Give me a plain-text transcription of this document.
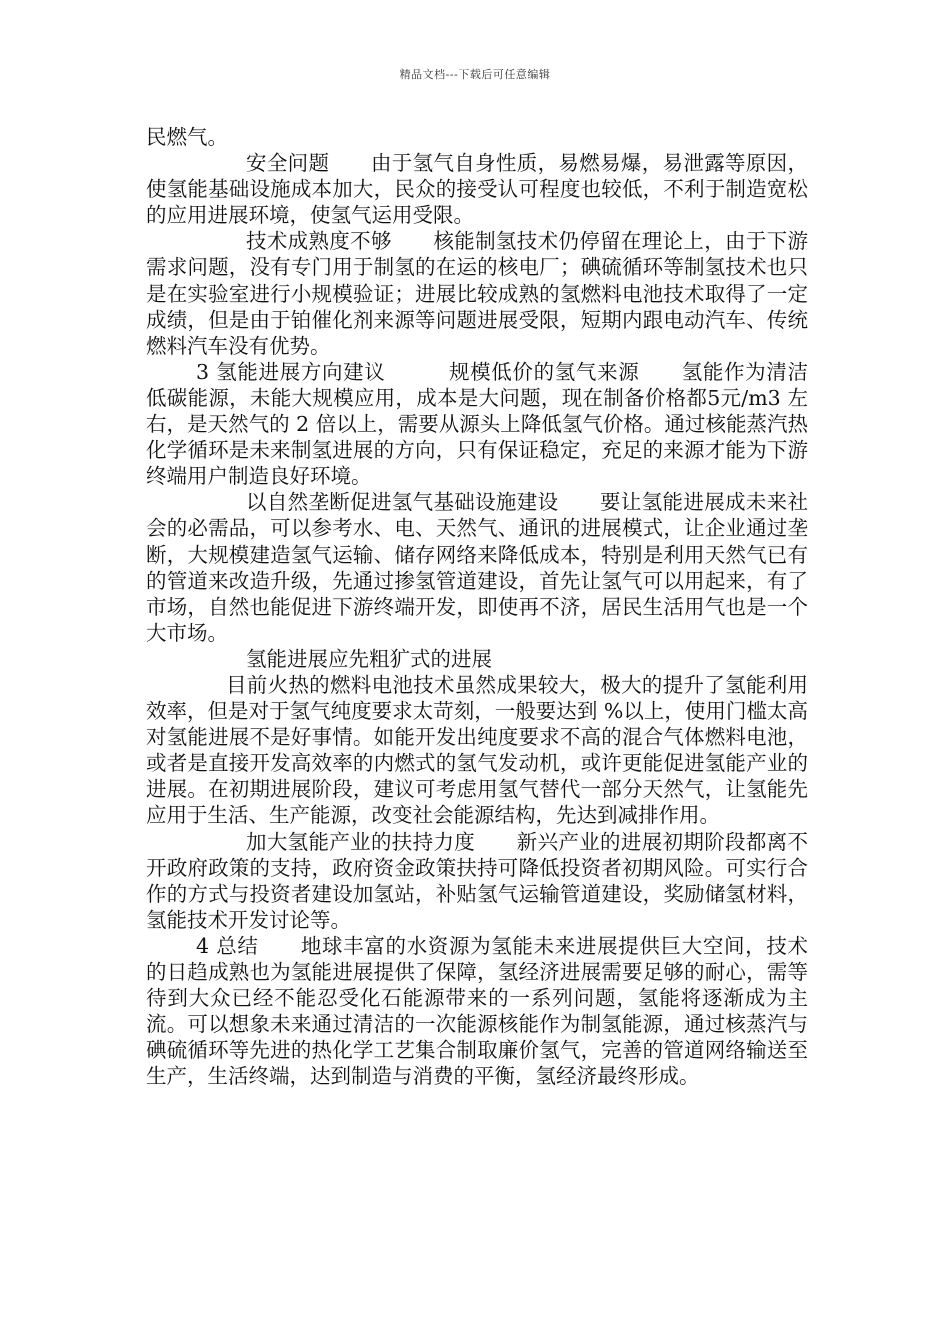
精品文档---下载后可任意编辑

民燃气。

安全问题　　由于氢气自身性质，易燃易爆，易泄露等原因，使氢能基础设施成本加大，民众的接受认可程度也较低，不利于制造宽松的应用进展环境，使氢气运用受限。

技术成熟度不够　　核能制氢技术仍停留在理论上，由于下游需求问题，没有专门用于制氢的在运的核电厂；碘硫循环等制氢技术也只是在实验室进行小规模验证；进展比较成熟的氢燃料电池技术取得了一定成绩，但是由于铂催化剂来源等问题进展受限，短期内跟电动汽车、传统燃料汽车没有优势。

3 氢能进展方向建议　　　规模低价的氢气来源　　氢能作为清洁低碳能源，未能大规模应用，成本是大问题，现在制备价格都5元/m3 左右，是天然气的 2 倍以上，需要从源头上降低氢气价格。通过核能蒸汽热化学循环是未来制氢进展的方向，只有保证稳定，充足的来源才能为下游终端用户制造良好环境。

以自然垄断促进氢气基础设施建设　　要让氢能进展成未来社会的必需品，可以参考水、电、天然气、通讯的进展模式，让企业通过垄断，大规模建造氢气运输、储存网络来降低成本，特别是利用天然气已有的管道来改造升级，先通过掺氢管道建设，首先让氢气可以用起来，有了市场，自然也能促进下游终端开发，即使再不济，居民生活用气也是一个大市场。

氢能进展应先粗犷式的进展

目前火热的燃料电池技术虽然成果较大，极大的提升了氢能利用效率，但是对于氢气纯度要求太苛刻，一般要达到 %以上，使用门槛太高对氢能进展不是好事情。如能开发出纯度要求不高的混合气体燃料电池，或者是直接开发高效率的内燃式的氢气发动机，或许更能促进氢能产业的进展。在初期进展阶段，建议可考虑用氢气替代一部分天然气，让氢能先应用于生活、生产能源，改变社会能源结构，先达到减排作用。

加大氢能产业的扶持力度　　新兴产业的进展初期阶段都离不开政府政策的支持，政府资金政策扶持可降低投资者初期风险。可实行合作的方式与投资者建设加氢站，补贴氢气运输管道建设，奖励储氢材料，氢能技术开发讨论等。

4 总结　　地球丰富的水资源为氢能未来进展提供巨大空间，技术的日趋成熟也为氢能进展提供了保障，氢经济进展需要足够的耐心，需等待到大众已经不能忍受化石能源带来的一系列问题，氢能将逐渐成为主流。可以想象未来通过清洁的一次能源核能作为制氢能源，通过核蒸汽与碘硫循环等先进的热化学工艺集合制取廉价氢气，完善的管道网络输送至生产，生活终端，达到制造与消费的平衡，氢经济最终形成。
